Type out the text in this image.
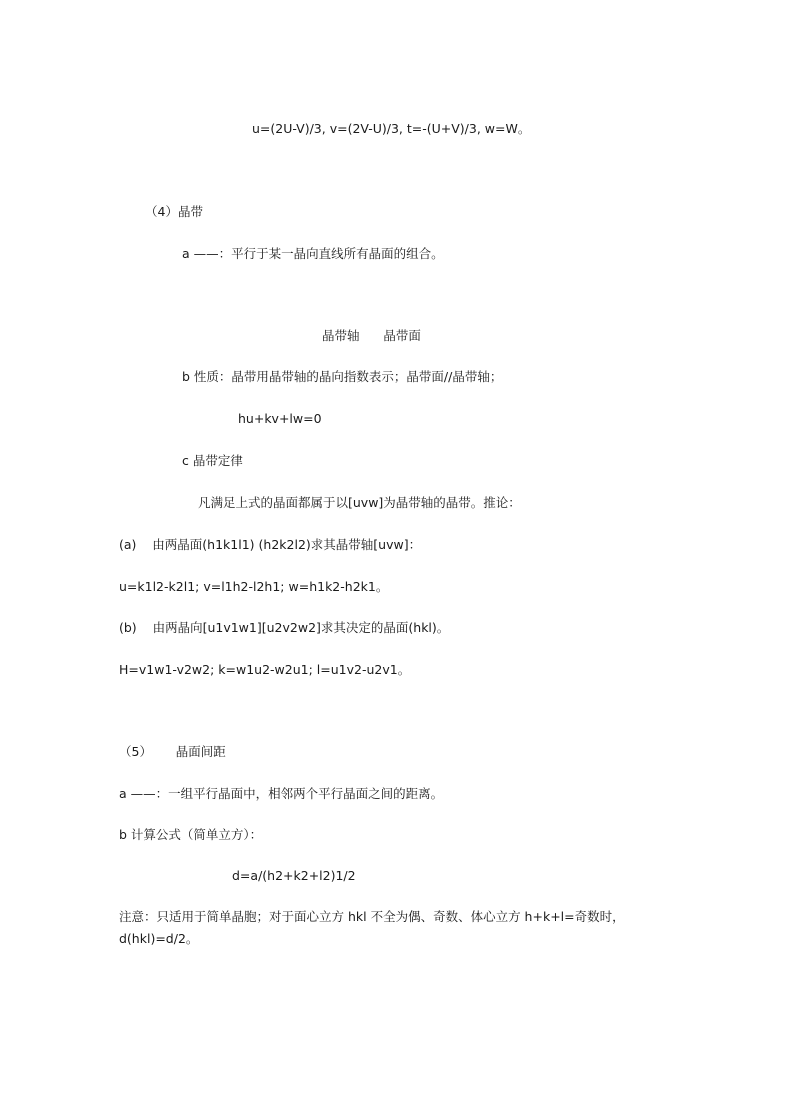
u=(2U-V)/3, v=(2V-U)/3, t=-(U+V)/3, w=W。

（4）晶带

a ——：平行于某一晶向直线所有晶面的组合。

晶带轴      晶带面

b 性质：晶带用晶带轴的晶向指数表示；晶带面//晶带轴；

hu+kv+lw=0

c 晶带定律

凡满足上式的晶面都属于以[uvw]为晶带轴的晶带。推论：

(a)    由两晶面(h1k1l1) (h2k2l2)求其晶带轴[uvw]：

u=k1l2-k2l1; v=l1h2-l2h1; w=h1k2-h2k1。

(b)    由两晶向[u1v1w1][u2v2w2]求其决定的晶面(hkl)。

H=v1w1-v2w2; k=w1u2-w2u1; l=u1v2-u2v1。

（5）      晶面间距

a ——：一组平行晶面中，相邻两个平行晶面之间的距离。

b 计算公式（简单立方）：

d=a/(h2+k2+l2)1/2

注意：只适用于简单晶胞；对于面心立方 hkl 不全为偶、奇数、体心立方 h+k+l=奇数时，d(hkl)=d/2。
